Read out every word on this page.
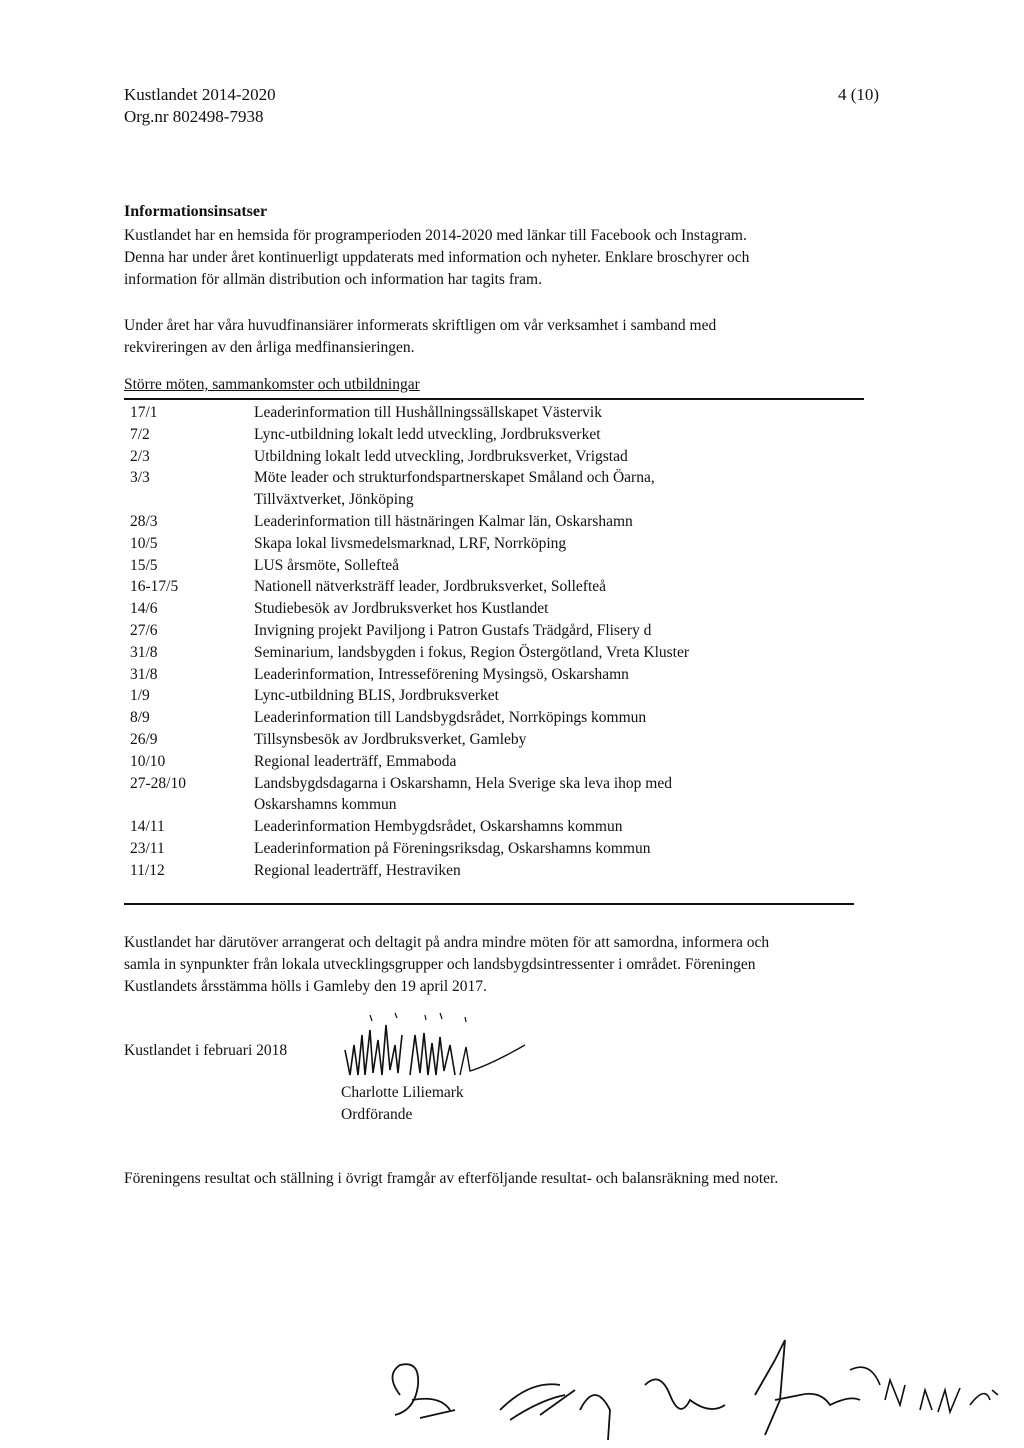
Kustlandet 2014-2020
Org.nr 802498-7938
4 (10)
Informationsinsatser
Kustlandet har en hemsida för programperioden 2014-2020 med länkar till Facebook och Instagram.
Denna har under året kontinuerligt uppdaterats med information och nyheter. Enklare broschyrer och
information för allmän distribution och information har tagits fram.
Under året har våra huvudfinansiärer informerats skriftligen om vår verksamhet i samband med
rekvireringen av den årliga medfinansieringen.
Större möten, sammankomster och utbildningar
17/1	Leaderinformation till Hushållningssällskapet Västervik

7/2	Lync-utbildning lokalt ledd utveckling, Jordbruksverket

2/3	Utbildning lokalt ledd utveckling, Jordbruksverket, Vrigstad

3/3	Möte leader och strukturfondspartnerskapet Småland och Öarna,
Tillväxtverket, Jönköping

28/3	Leaderinformation till hästnäringen Kalmar län, Oskarshamn

10/5	Skapa lokal livsmedelsmarknad, LRF, Norrköping

15/5	LUS årsmöte, Sollefteå

16-17/5	Nationell nätverksträff leader, Jordbruksverket, Sollefteå

14/6	Studiebesök av Jordbruksverket hos Kustlandet

27/6	Invigning projekt Paviljong i Patron Gustafs Trädgård, Flisery d

31/8	Seminarium, landsbygden i fokus, Region Östergötland, Vreta Kluster

31/8	Leaderinformation, Intresseförening Mysingsö, Oskarshamn

1/9	Lync-utbildning BLIS, Jordbruksverket

8/9	Leaderinformation till Landsbygdsrådet, Norrköpings kommun

26/9	Tillsynsbesök av Jordbruksverket, Gamleby

10/10	Regional leaderträff, Emmaboda

27-28/10	Landsbygdsdagarna i Oskarshamn, Hela Sverige ska leva ihop med
Oskarshamns kommun

14/11	Leaderinformation Hembygdsrådet, Oskarshamns kommun

23/11	Leaderinformation på Föreningsriksdag, Oskarshamns kommun

11/12	Regional leaderträff, Hestraviken
Kustlandet har därutöver arrangerat och deltagit på andra mindre möten för att samordna, informera och
samla in synpunkter från lokala utvecklingsgrupper och landsbygdsintressenter i området. Föreningen
Kustlandets årsstämma hölls i Gamleby den 19 april 2017.
Kustlandet i februari 2018
Charlotte Liliemark
Ordförande
Föreningens resultat och ställning i övrigt framgår av efterföljande resultat- och balansräkning med noter.
